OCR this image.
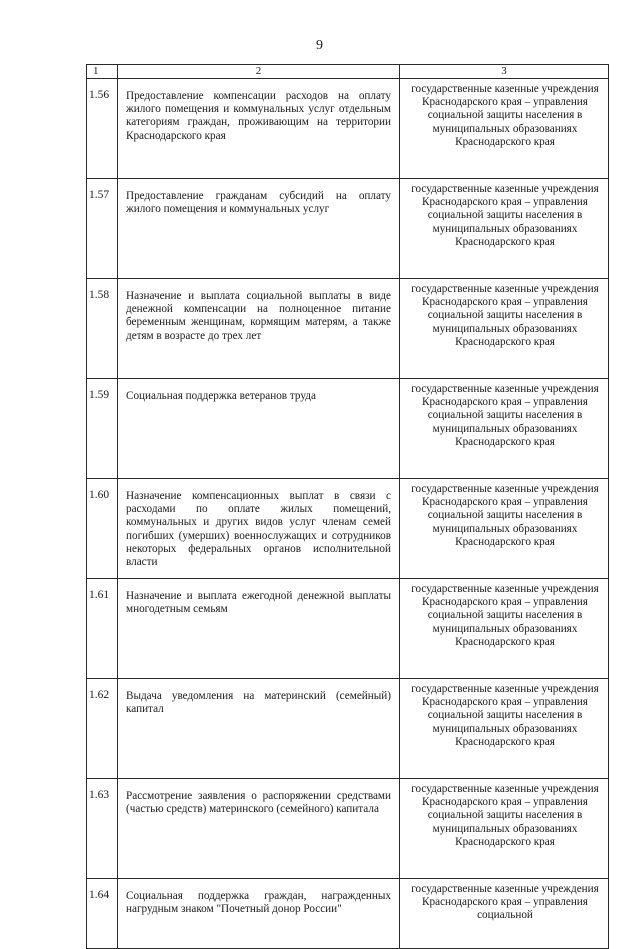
9
1	2	3
1.56	Предоставление компенсации расходов на оплату жилого помещения и коммунальных услуг отдельным категориям граждан, проживающим на территории Краснодарского края	государственные казенные учреждения Краснодарского края – управления социальной защиты населения в муниципальных образованиях Краснодарского края
1.57	Предоставление гражданам субсидий на оплату жилого помещения и коммунальных услуг	государственные казенные учреждения Краснодарского края – управления социальной защиты населения в муниципальных образованиях Краснодарского края
1.58	Назначение и выплата социальной выплаты в виде денежной компенсации на полноценное питание беременным женщинам, кормящим матерям, а также детям в возрасте до трех лет	государственные казенные учреждения Краснодарского края – управления социальной защиты населения в муниципальных образованиях Краснодарского края
1.59	Социальная поддержка ветеранов труда	государственные казенные учреждения Краснодарского края – управления социальной защиты населения в муниципальных образованиях Краснодарского края
1.60	Назначение компенсационных выплат в связи с расходами по оплате жилых помещений, коммунальных и других видов услуг членам семей погибших (умерших) военнослужащих и сотрудников некоторых федеральных органов исполнительной власти	государственные казенные учреждения Краснодарского края – управления социальной защиты населения в муниципальных образованиях Краснодарского края
1.61	Назначение и выплата ежегодной денежной выплаты многодетным семьям	государственные казенные учреждения Краснодарского края – управления социальной защиты населения в муниципальных образованиях Краснодарского края
1.62	Выдача уведомления на материнский (семейный) капитал	государственные казенные учреждения Краснодарского края – управления социальной защиты населения в муниципальных образованиях Краснодарского края
1.63	Рассмотрение заявления о распоряжении средствами (частью средств) материнского (семейного) капитала	государственные казенные учреждения Краснодарского края – управления социальной защиты населения в муниципальных образованиях Краснодарского края
1.64	Социальная поддержка граждан, награжденных нагрудным знаком "Почетный донор России"	государственные казенные учреждения Краснодарского края – управления социальной
